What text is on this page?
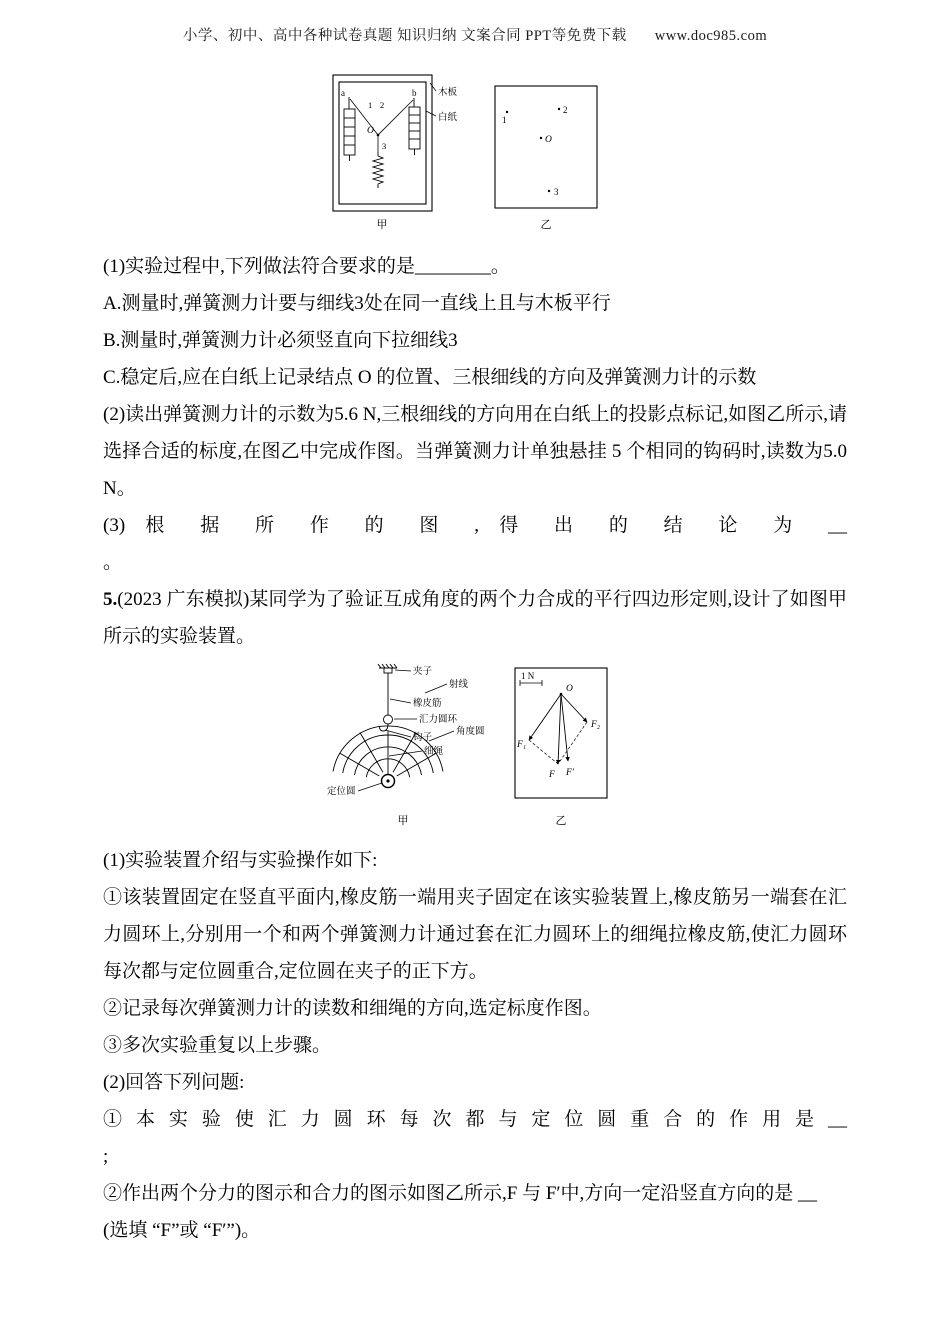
小学、初中、高中各种试卷真题 知识归纳 文案合同 PPT等免费下载 www.doc985.com
a	b
1 2
O
3
木板
白纸	1
2
O
3
甲	乙

(1)实验过程中,下列做法符合要求的是________。

A.测量时,弹簧测力计要与细线3处在同一直线上且与木板平行

B.测量时,弹簧测力计必须竖直向下拉细线3

C.稳定后,应在白纸上记录结点 O 的位置、三根细线的方向及弹簧测力计的示数

(2)读出弹簧测力计的示数为5.6 N,三根细线的方向用在白纸上的投影点标记,如图乙所示,请选择合适的标度,在图乙中完成作图。当弹簧测力计单独悬挂 5 个相同的钩码时,读数为5.0 N。

(3) 根 据 所 作 的 图 , 得 出 的 结 论 为 __

。

5.(2023 广东模拟)某同学为了验证互成角度的两个力合成的平行四边形定则,设计了如图甲所示的实验装置。

夹子
射线
橡皮筋
汇力圆环
角度圆
钩子
细绳
定位圆
1 N
O
F₂
F₁
F F′
甲	乙

(1)实验装置介绍与实验操作如下:

①该装置固定在竖直平面内,橡皮筋一端用夹子固定在该实验装置上,橡皮筋另一端套在汇力圆环上,分别用一个和两个弹簧测力计通过套在汇力圆环上的细绳拉橡皮筋,使汇力圆环每次都与定位圆重合,定位圆在夹子的正下方。

②记录每次弹簧测力计的读数和细绳的方向,选定标度作图。

③多次实验重复以上步骤。

(2)回答下列问题:

① 本 实 验 使 汇 力 圆 环 每 次 都 与 定 位 圆 重 合 的 作 用 是 __

;

②作出两个分力的图示和合力的图示如图乙所示,F 与 F′中,方向一定沿竖直方向的是 __

(选填 “F”或 “F′”)。
